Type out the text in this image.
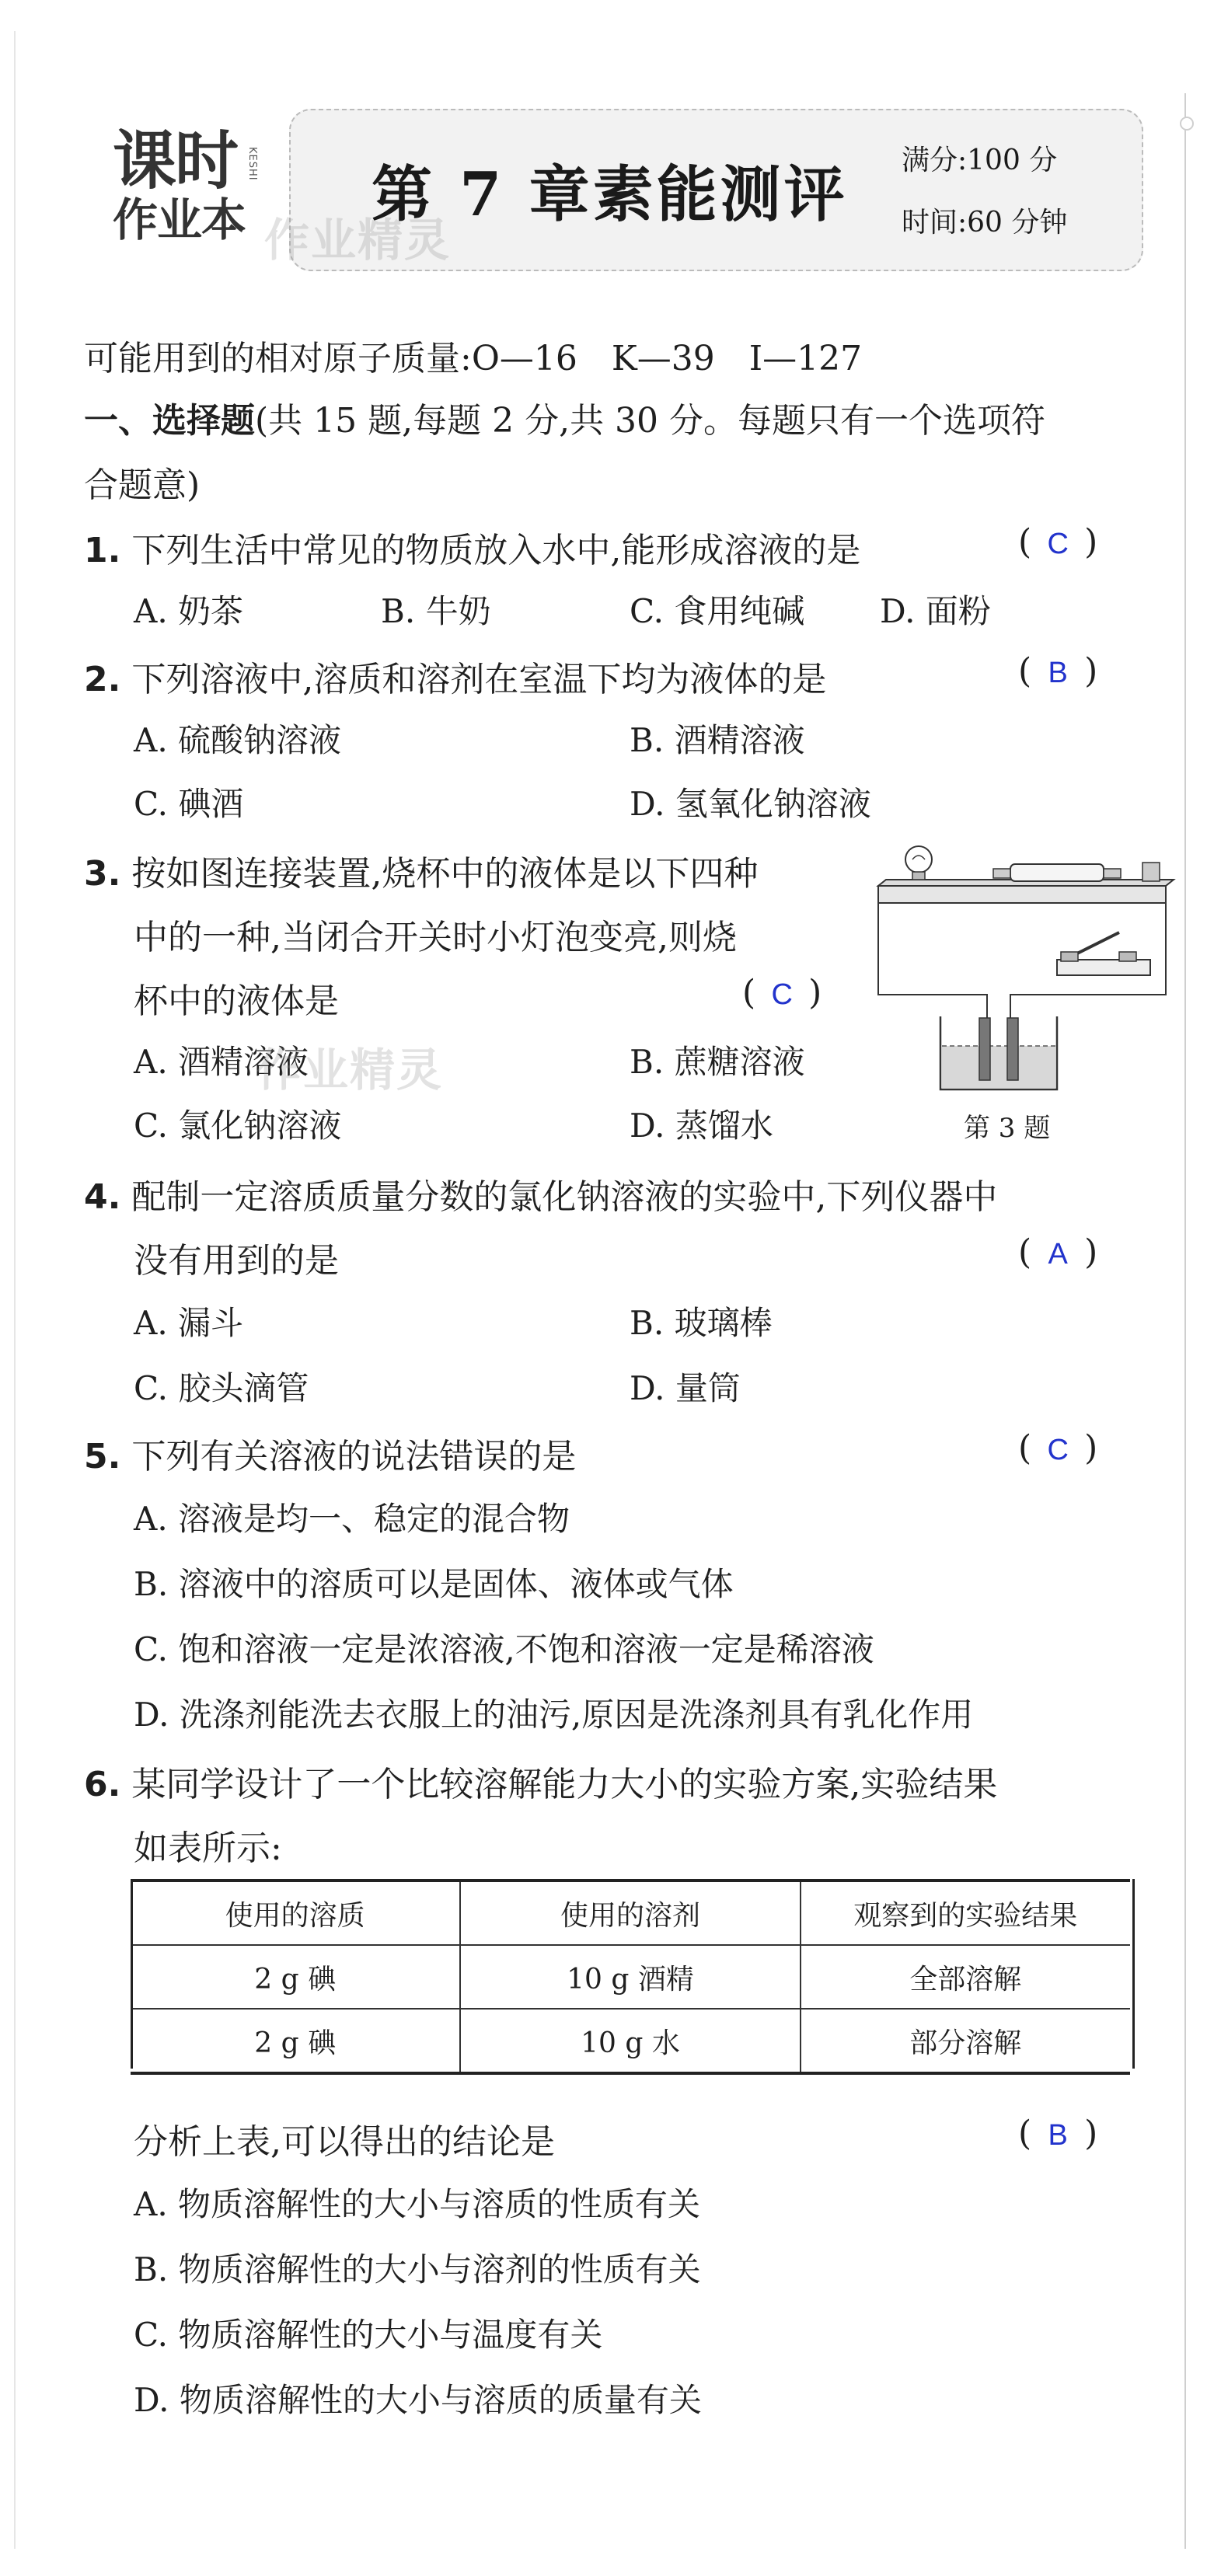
课时
作业本
KESHI
作业精灵
第 7 章素能测评 满分:100 分
时间:60 分钟
可能用到的相对原子质量:O—16　K—39　I—127
一、选择题(共 15 题,每题 2 分,共 30 分。每题只有一个选项符
合题意)
1. 下列生活中常见的物质放入水中,能形成溶液的是	( C )
A. 奶茶	B. 牛奶	C. 食用纯碱 D. 面粉
2. 下列溶液中,溶质和溶剂在室温下均为液体的是	( B )
A. 硫酸钠溶液	B. 酒精溶液
C. 碘酒	D. 氢氧化钠溶液
3. 按如图连接装置,烧杯中的液体是以下四种
中的一种,当闭合开关时小灯泡变亮,则烧
杯中的液体是	( C )
A. 酒精溶液	B. 蔗糖溶液
C. 氯化钠溶液	D. 蒸馏水
作业精灵
第 3 题
4. 配制一定溶质质量分数的氯化钠溶液的实验中,下列仪器中
没有用到的是	( A )
A. 漏斗	B. 玻璃棒
C. 胶头滴管	D. 量筒
5. 下列有关溶液的说法错误的是	( C )
A. 溶液是均一、稳定的混合物
B. 溶液中的溶质可以是固体、液体或气体
C. 饱和溶液一定是浓溶液,不饱和溶液一定是稀溶液
D. 洗涤剂能洗去衣服上的油污,原因是洗涤剂具有乳化作用
6. 某同学设计了一个比较溶解能力大小的实验方案,实验结果
如表所示:
使用的溶质	使用的溶剂	观察到的实验结果
2 g 碘	10 g 酒精	全部溶解
2 g 碘	10 g 水	部分溶解
分析上表,可以得出的结论是	( B )
A. 物质溶解性的大小与溶质的性质有关
B. 物质溶解性的大小与溶剂的性质有关
C. 物质溶解性的大小与温度有关
D. 物质溶解性的大小与溶质的质量有关
